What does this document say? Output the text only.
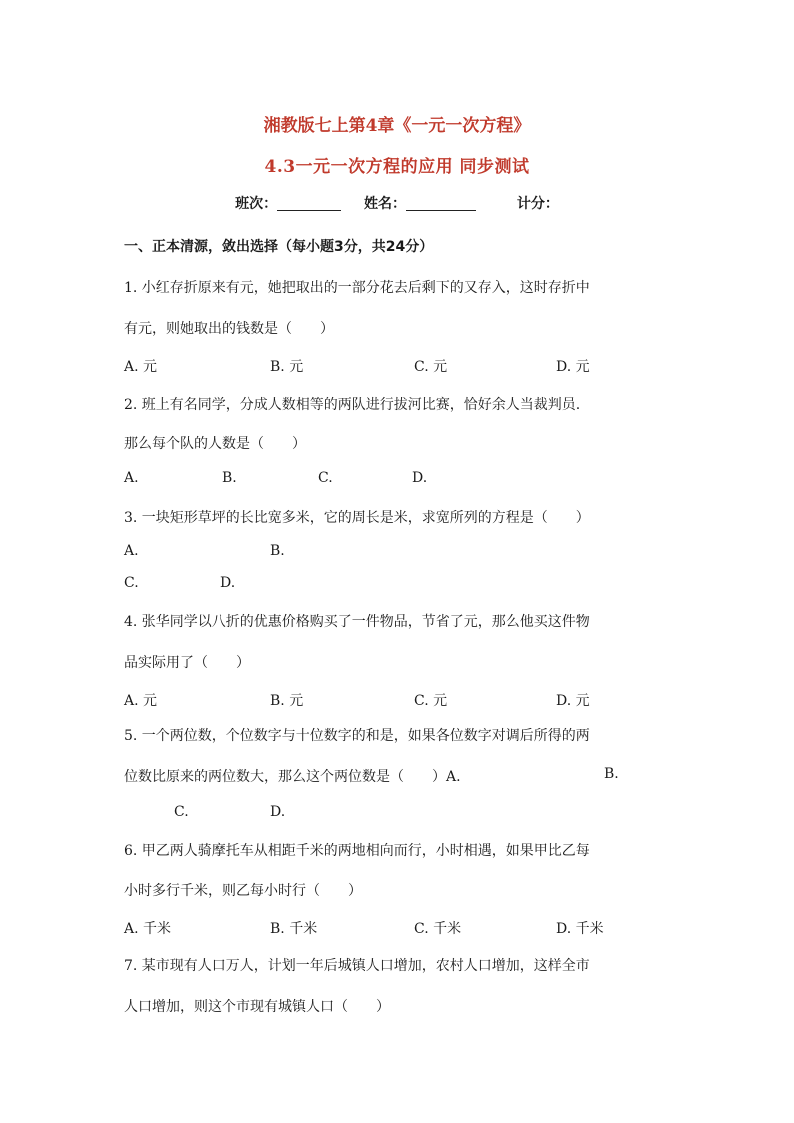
湘教版七上第4章《一元一次方程》
4.3一元一次方程的应用 同步测试
班次：	姓名：	计分：
一、正本清源，敛出选择（每小题3分，共24分）
1. 小红存折原来有元，她把取出的一部分花去后剩下的又存入，这时存折中
有元，则她取出的钱数是（　　）
A. 元	B. 元	C. 元	D. 元
2. 班上有名同学，分成人数相等的两队进行拔河比赛，恰好余人当裁判员.
那么每个队的人数是（　　）
A.	B.	C.	D.
3. 一块矩形草坪的长比宽多米，它的周长是米，求宽所列的方程是（　　）
A.	B.
C.	D.
4. 张华同学以八折的优惠价格购买了一件物品，节省了元，那么他买这件物
品实际用了（　　）
A. 元	B. 元	C. 元	D. 元
5. 一个两位数，个位数字与十位数字的和是，如果各位数字对调后所得的两
位数比原来的两位数大，那么这个两位数是（　　）A.	B.
C.	D.
6. 甲乙两人骑摩托车从相距千米的两地相向而行，小时相遇，如果甲比乙每
小时多行千米，则乙每小时行（　　）
A. 千米	B. 千米	C. 千米	D. 千米
7. 某市现有人口万人，计划一年后城镇人口增加，农村人口增加，这样全市
人口增加，则这个市现有城镇人口（　　）
